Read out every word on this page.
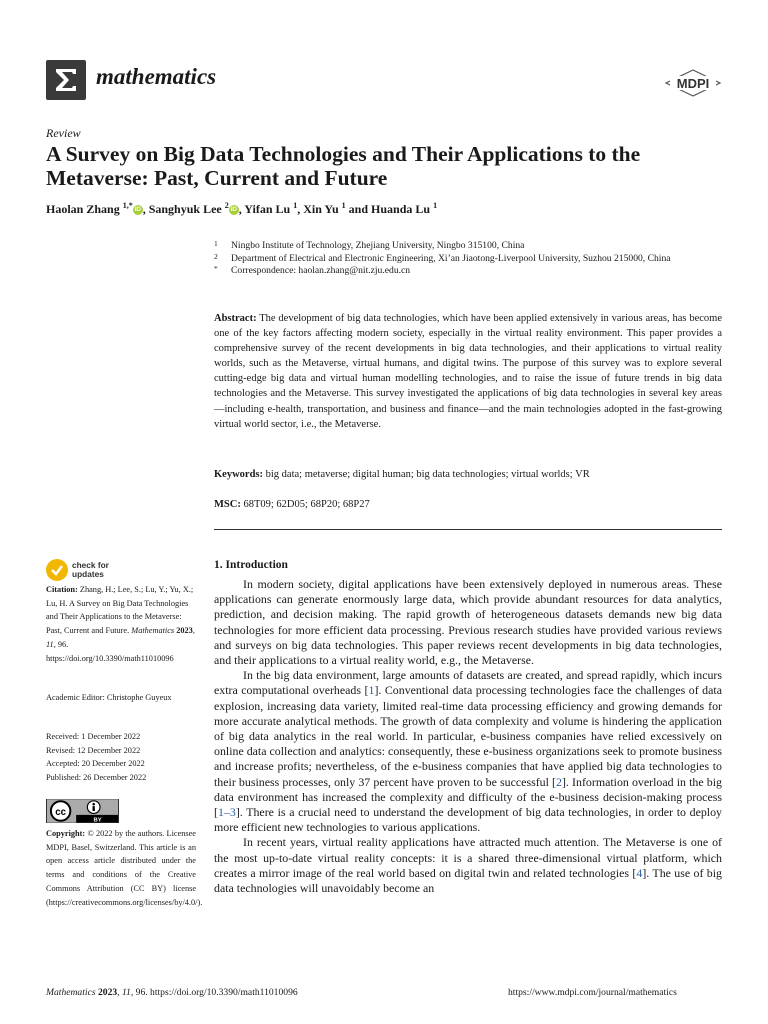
mathematics	MDPI
Review
A Survey on Big Data Technologies and Their Applications to the Metaverse: Past, Current and Future
Haolan Zhang $^{1,*}$ iD , Sanghyuk Lee $^2$ iD , Yifan Lu $^1$, Xin Yu $^1$ and Huanda Lu $^1$
1 Ningbo Institute of Technology, Zhejiang University, Ningbo 315100, China
2 Department of Electrical and Electronic Engineering, Xi’an Jiaotong-Liverpool University, Suzhou 215000, China
* Correspondence: haolan.zhang@nit.zju.edu.cn
Abstract: The development of big data technologies, which have been applied extensively in various areas, has become one of the key factors affecting modern society, especially in the virtual reality environment. This paper provides a comprehensive survey of the recent developments in big data technologies, and their applications to virtual reality worlds, such as the Metaverse, virtual humans, and digital twins. The purpose of this survey was to explore several cutting-edge big data and virtual human modelling technologies, and to raise the issue of future trends in big data technologies and the Metaverse. This survey investigated the applications of big data technologies in several key areas—including e-health, transportation, and business and finance—and the main technologies adopted in the fast-growing virtual world sector, i.e., the Metaverse.
Keywords: big data; metaverse; digital human; big data technologies; virtual worlds; VR
MSC: 68T09; 62D05; 68P20; 68P27
check for
updates
Citation: Zhang, H.; Lee, S.; Lu, Y.; Yu, X.; Lu, H. A Survey on Big Data Technologies and Their Applications to the Metaverse: Past, Current and Future. Mathematics 2023, 11, 96. https://doi.org/10.3390/math11010096
Academic Editor: Christophe Guyeux
Received: 1 December 2022
Revised: 12 December 2022
Accepted: 20 December 2022
Published: 26 December 2022
cc
BY
Copyright: © 2022 by the authors. Licensee MDPI, Basel, Switzerland. This article is an open access article distributed under the terms and conditions of the Creative Commons Attribution (CC BY) license (https://creativecommons.org/licenses/by/4.0/).
1. Introduction

In modern society, digital applications have been extensively deployed in numerous areas. These applications can generate enormously large data, which provide abundant resources for data analytics, prediction, and decision making. The rapid growth of heterogeneous datasets demands new big data technologies for more efficient data processing. Previous research studies have provided various reviews and surveys on big data technologies. This paper reviews recent developments in big data technologies, and their applications to a virtual reality world, e.g., the Metaverse.

In the big data environment, large amounts of datasets are created, and spread rapidly, which incurs extra computational overheads [1]. Conventional data processing technologies face the challenges of data explosion, increasing data variety, limited real-time data processing efficiency and growing demands for more accurate analytical methods. The growth of data complexity and volume is hindering the application of big data analytics in the real world. In particular, e-business companies have relied excessively on online data collection and analytics: consequently, these e-business organizations seek to promote business and increase profits; nevertheless, of the e-business companies that have applied big data technologies to their business processes, only 37 percent have proven to be successful [2]. Information overload in the big data environment has increased the complexity and difficulty of the e-business decision-making process [1–3]. There is a crucial need to understand the development of big data technologies, in order to deploy more efficient new technologies to various applications.

In recent years, virtual reality applications have attracted much attention. The Metaverse is one of the most up-to-date virtual reality concepts: it is a shared three-dimensional virtual platform, which creates a mirror image of the real world based on digital twin and related technologies [4]. The use of big data technologies will unavoidably become an

Mathematics 2023, 11, 96. https://doi.org/10.3390/math11010096	https://www.mdpi.com/journal/mathematics
